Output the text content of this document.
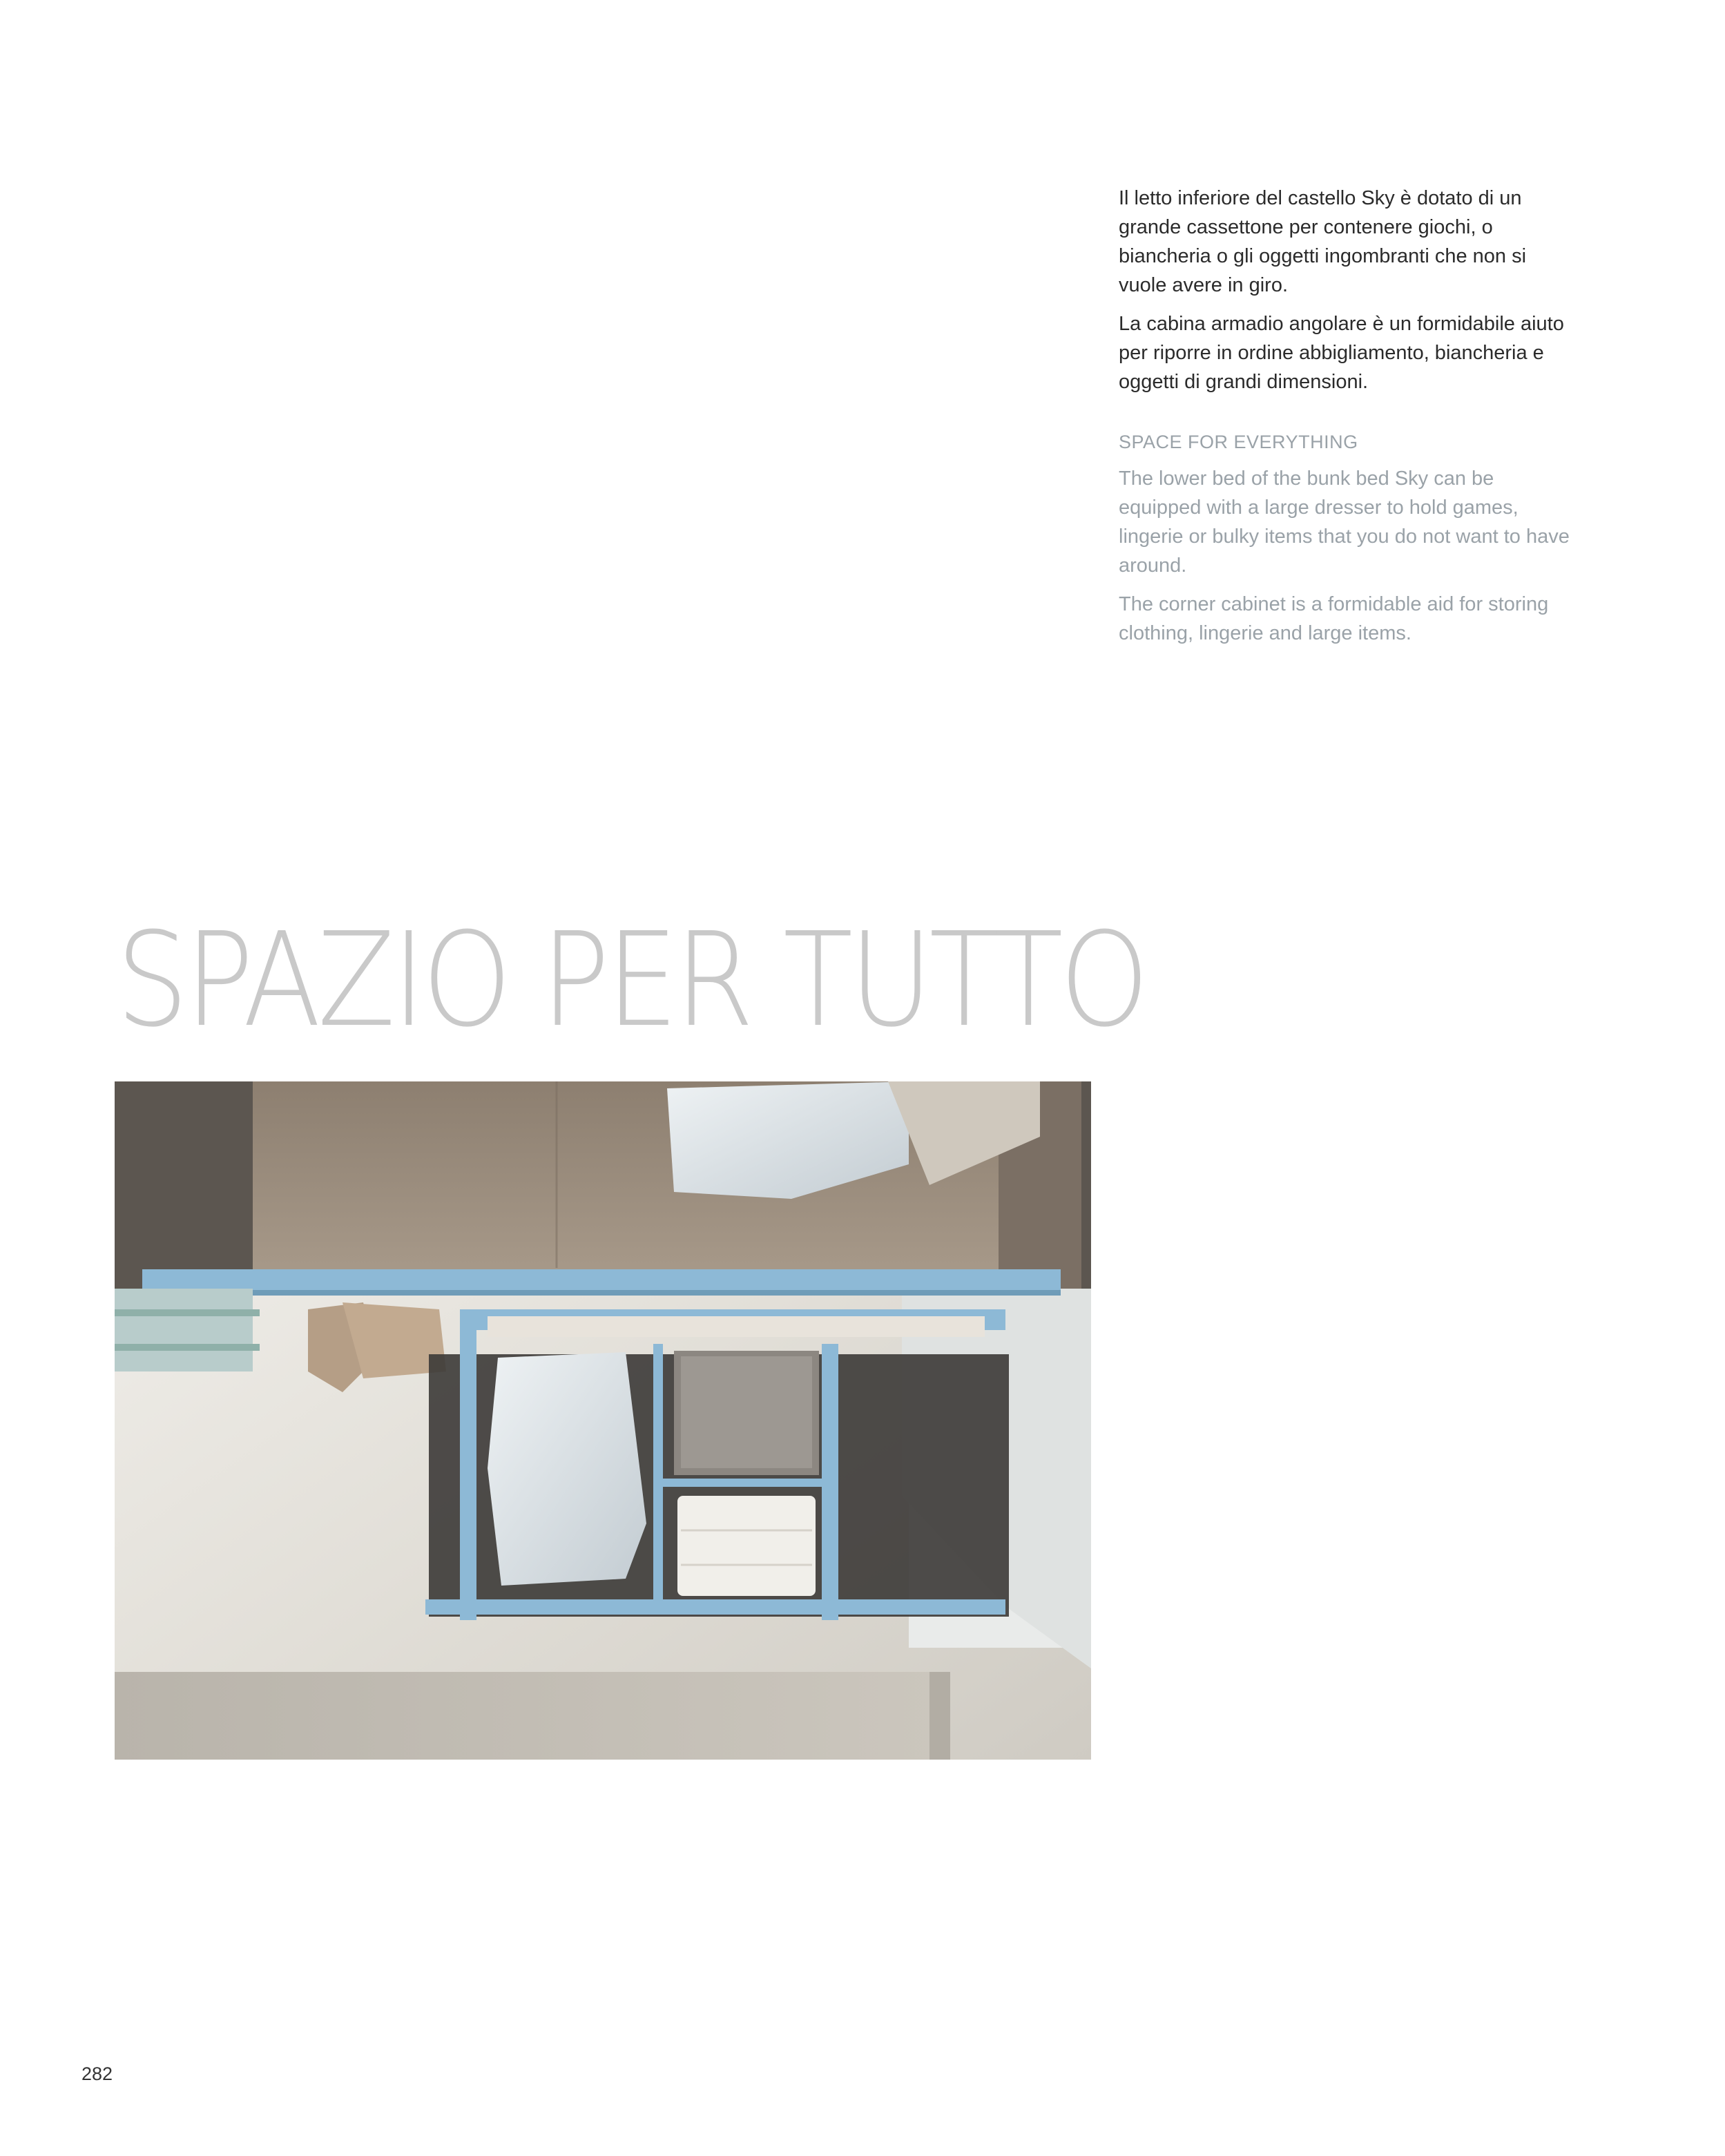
Il letto inferiore del castello Sky è dotato di un grande cassettone per contenere giochi, o biancheria o gli oggetti ingombranti che non si vuole avere in giro.

La cabina armadio angolare è un formidabile aiuto per riporre in ordine abbigliamento, biancheria e oggetti di grandi dimensioni.

SPACE FOR EVERYTHING

The lower bed of the bunk bed Sky can be equipped with a large dresser to hold games, lingerie or bulky items that you do not want to have around.

The corner cabinet is a formidable aid for storing clothing, lingerie and large items.

SPAZIO PER TUTTO
282
